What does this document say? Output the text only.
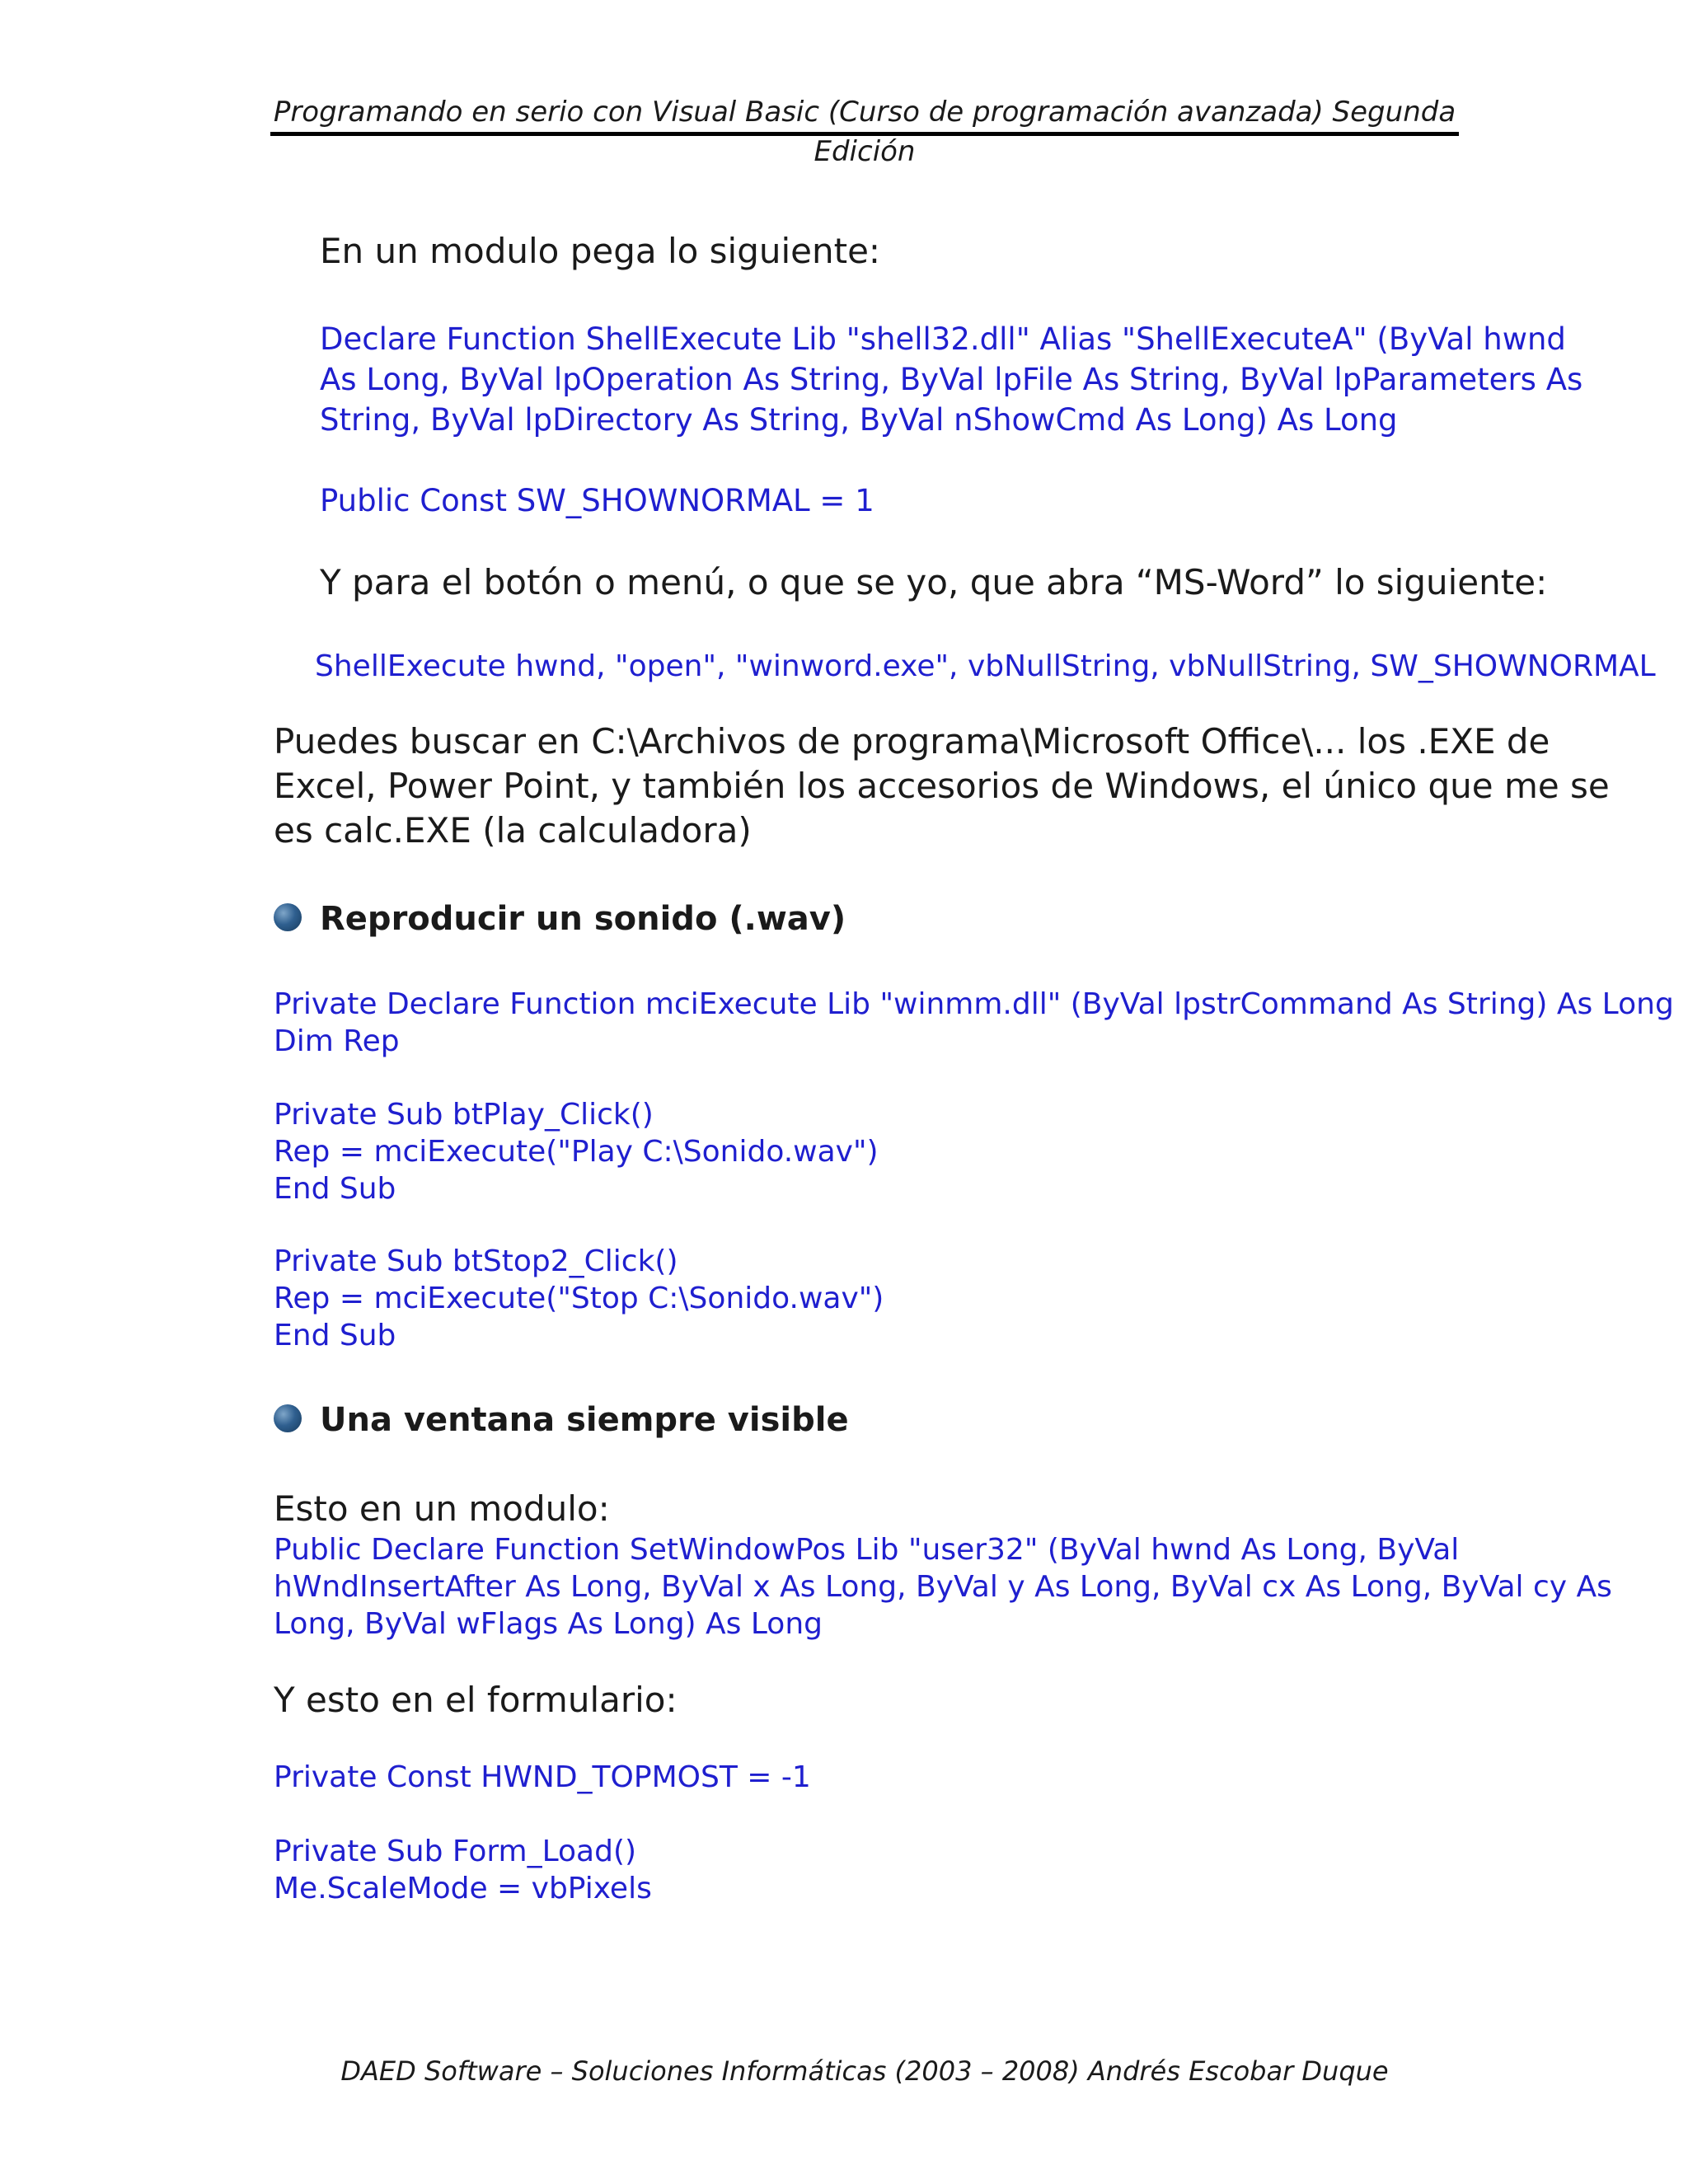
Programando en serio con Visual Basic (Curso de programación avanzada) Segunda Edición

En un modulo pega lo siguiente:

Declare Function ShellExecute Lib "shell32.dll" Alias "ShellExecuteA" (ByVal hwnd
As Long, ByVal lpOperation As String, ByVal lpFile As String, ByVal lpParameters As
String, ByVal lpDirectory As String, ByVal nShowCmd As Long) As Long

Public Const SW_SHOWNORMAL = 1

Y para el botón o menú, o que se yo, que abra “MS-Word” lo siguiente:

ShellExecute hwnd, "open", "winword.exe", vbNullString, vbNullString, SW_SHOWNORMAL

Puedes buscar en C:\Archivos de programa\Microsoft Office\... los .EXE de
Excel, Power Point, y también los accesorios de Windows, el único que me se
es calc.EXE (la calculadora)

Reproducir un sonido (.wav)

Private Declare Function mciExecute Lib "winmm.dll" (ByVal lpstrCommand As String) As Long
Dim Rep
Private Sub btPlay_Click()
Rep = mciExecute("Play C:\Sonido.wav")
End Sub
Private Sub btStop2_Click()
Rep = mciExecute("Stop C:\Sonido.wav")
End Sub

Una ventana siempre visible

Esto en un modulo:

Public Declare Function SetWindowPos Lib "user32" (ByVal hwnd As Long, ByVal
hWndInsertAfter As Long, ByVal x As Long, ByVal y As Long, ByVal cx As Long, ByVal cy As
Long, ByVal wFlags As Long) As Long

Y esto en el formulario:

Private Const HWND_TOPMOST = -1

Private Sub Form_Load()
Me.ScaleMode = vbPixels
DAED Software – Soluciones Informáticas (2003 – 2008) Andrés Escobar Duque
